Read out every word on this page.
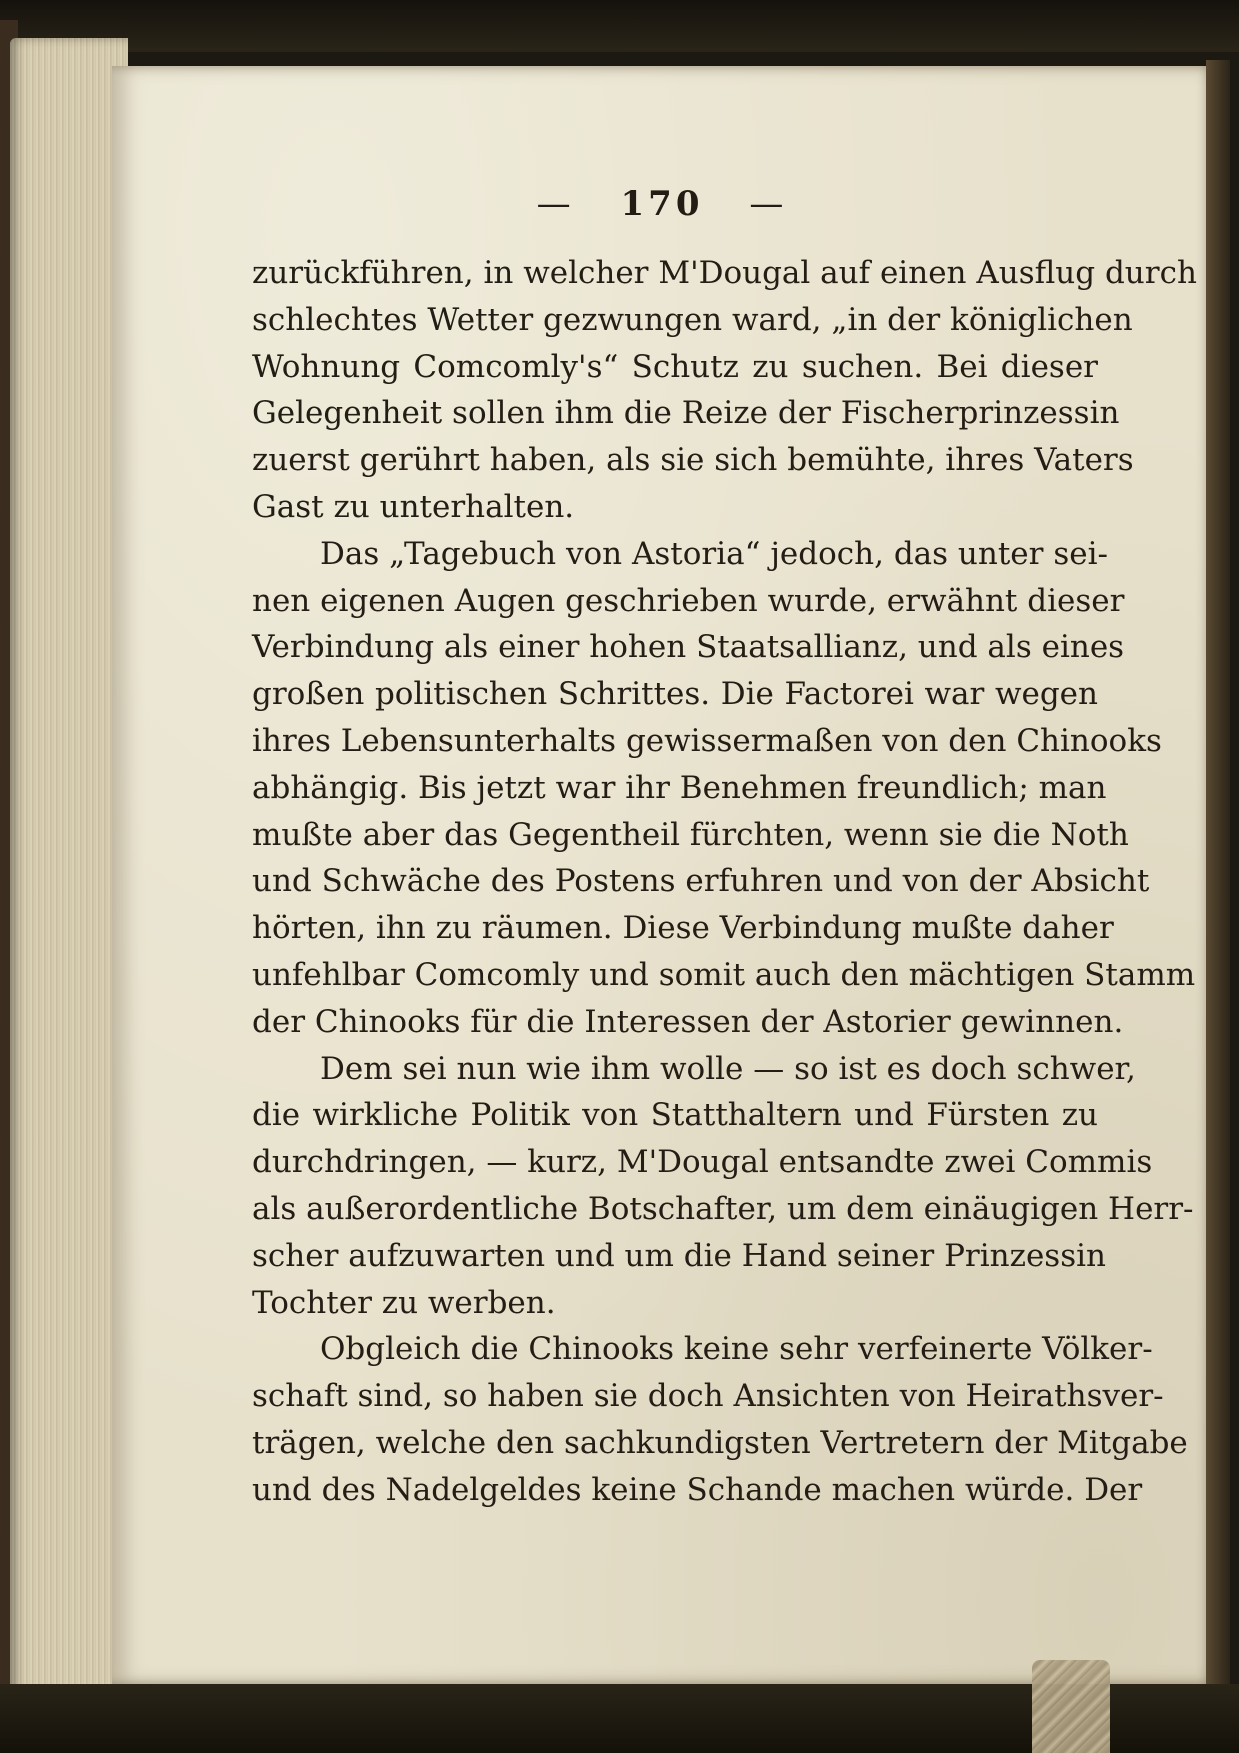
— 170 —
zurückführen, in welcher M'Dougal auf einen Ausflug durch
schlechtes Wetter gezwungen ward, „in der königlichen
Wohnung Comcomly's“ Schutz zu suchen. Bei dieser
Gelegenheit sollen ihm die Reize der Fischerprinzessin
zuerst gerührt haben, als sie sich bemühte, ihres Vaters
Gast zu unterhalten.
Das „Tagebuch von Astoria“ jedoch, das unter sei-
nen eigenen Augen geschrieben wurde, erwähnt dieser
Verbindung als einer hohen Staatsallianz, und als eines
großen politischen Schrittes. Die Factorei war wegen
ihres Lebensunterhalts gewissermaßen von den Chinooks
abhängig. Bis jetzt war ihr Benehmen freundlich; man
mußte aber das Gegentheil fürchten, wenn sie die Noth
und Schwäche des Postens erfuhren und von der Absicht
hörten, ihn zu räumen. Diese Verbindung mußte daher
unfehlbar Comcomly und somit auch den mächtigen Stamm
der Chinooks für die Interessen der Astorier gewinnen.
Dem sei nun wie ihm wolle — so ist es doch schwer,
die wirkliche Politik von Statthaltern und Fürsten zu
durchdringen, — kurz, M'Dougal entsandte zwei Commis
als außerordentliche Botschafter, um dem einäugigen Herr-
scher aufzuwarten und um die Hand seiner Prinzessin
Tochter zu werben.
Obgleich die Chinooks keine sehr verfeinerte Völker-
schaft sind, so haben sie doch Ansichten von Heirathsver-
trägen, welche den sachkundigsten Vertretern der Mitgabe
und des Nadelgeldes keine Schande machen würde. Der
